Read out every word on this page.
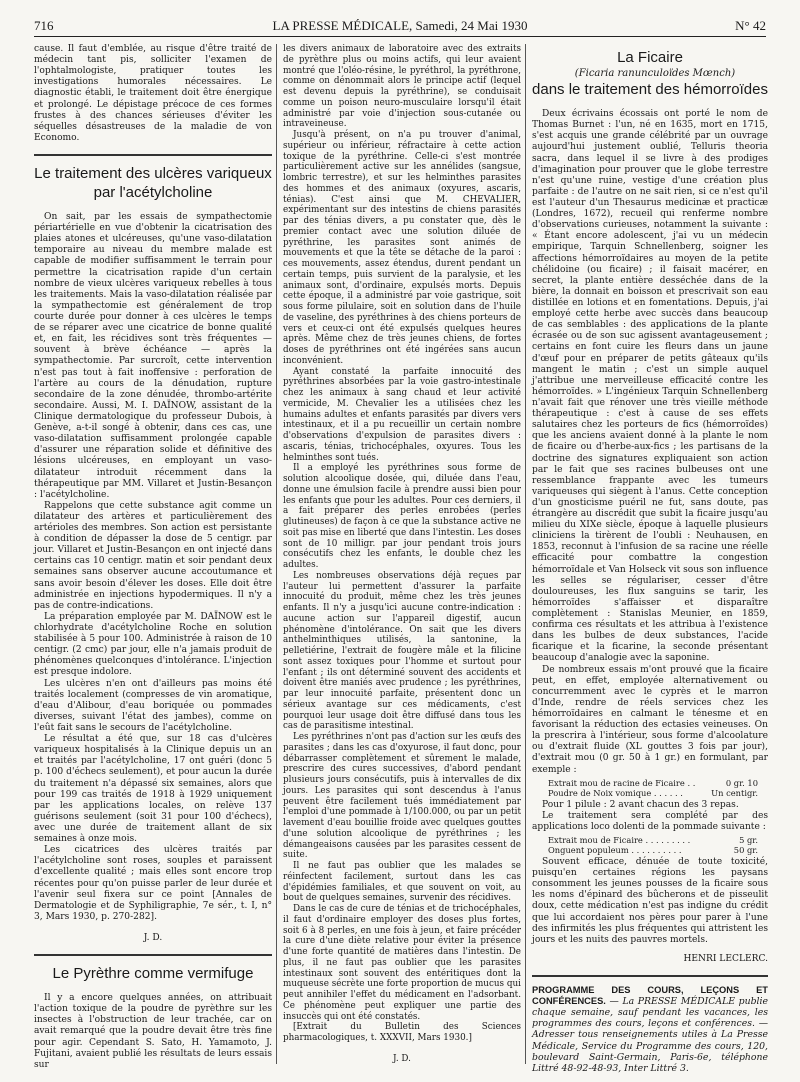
716	LA PRESSE MÉDICALE, Samedi, 24 Mai 1930	N° 42

cause. Il faut d'emblée, au risque d'être traité de médecin tant pis, solliciter l'examen de l'ophtalmologiste, pratiquer toutes les investigations humorales nécessaires. Le diagnostic établi, le traitement doit être énergique et prolongé. Le dépistage précoce de ces formes frustes à des chances sérieuses d'éviter les séquelles désastreuses de la maladie de von Economo.

Le traitement des ulcères variqueux par l'acétylcholine

On sait, par les essais de sympathectomie périartérielle en vue d'obtenir la cicatrisation des plaies atones et ulcéreuses, qu'une vaso-dilatation temporaire au niveau du membre malade est capable de modifier suffisamment le terrain pour permettre la cicatrisation rapide d'un certain nombre de vieux ulcères variqueux rebelles à tous les traitements. Mais la vaso-dilatation réalisée par la sympathectomie est généralement de trop courte durée pour donner à ces ulcères le temps de se réparer avec une cicatrice de bonne qualité et, en fait, les récidives sont très fréquentes — souvent à brève échéance — après la sympathectomie. Par surcroît, cette intervention n'est pas tout à fait inoffensive : perforation de l'artère au cours de la dénudation, rupture secondaire de la zone dénudée, thrombo-artérite secondaire. Aussi, M. I. DAÏNOW, assistant de la Clinique dermatologique du professeur Dubois, à Genève, a-t-il songé à obtenir, dans ces cas, une vaso-dilatation suffisamment prolongée capable d'assurer une réparation solide et définitive des lésions ulcéreuses, en employant un vaso-dilatateur introduit récemment dans la thérapeutique par MM. Villaret et Justin-Besançon : l'acétylcholine.

Rappelons que cette substance agit comme un dilatateur des artères et particulièrement des artérioles des membres. Son action est persistante à condition de dépasser la dose de 5 centigr. par jour. Villaret et Justin-Besançon en ont injecté dans certains cas 10 centigr. matin et soir pendant deux semaines sans observer aucune accoutumance et sans avoir besoin d'élever les doses. Elle doit être administrée en injections hypodermiques. Il n'y a pas de contre-indications.

La préparation employée par M. DAÏNOW est le chlorhydrate d'acétylcholine Roche en solution stabilisée à 5 pour 100. Administrée à raison de 10 centigr. (2 cmc) par jour, elle n'a jamais produit de phénomènes quelconques d'intolérance. L'injection est presque indolore.

Les ulcères n'en ont d'ailleurs pas moins été traités localement (compresses de vin aromatique, d'eau d'Alibour, d'eau boriquée ou pommades diverses, suivant l'état des jambes), comme on l'eût fait sans le secours de l'acétylcholine.

Le résultat a été que, sur 18 cas d'ulcères variqueux hospitalisés à la Clinique depuis un an et traités par l'acétylcholine, 17 ont guéri (donc 5 p. 100 d'échecs seulement), et pour aucun la durée du traitement n'a dépassé six semaines, alors que pour 199 cas traités de 1918 à 1929 uniquement par les applications locales, on relève 137 guérisons seulement (soit 31 pour 100 d'échecs), avec une durée de traitement allant de six semaines à onze mois.

Les cicatrices des ulcères traités par l'acétylcholine sont roses, souples et paraissent d'excellente qualité ; mais elles sont encore trop récentes pour qu'on puisse parler de leur durée et l'avenir seul fixera sur ce point [Annales de Dermatologie et de Syphiligraphie, 7e sér., t. I, n° 3, Mars 1930, p. 270-282].

J. D.

Le Pyrèthre comme vermifuge

Il y a encore quelques années, on attribuait l'action toxique de la poudre de pyrèthre sur les insectes à l'obstruction de leur trachée, car on avait remarqué que la poudre devait être très fine pour agir. Cependant S. Sato, H. Yamamoto, J. Fujitani, avaient publié les résultats de leurs essais sur

les divers animaux de laboratoire avec des extraits de pyrèthre plus ou moins actifs, qui leur avaient montré que l'oléo-résine, le pyréthrol, la pyréthrone, comme on dénommait alors le principe actif (lequel est devenu depuis la pyréthrine), se conduisait comme un poison neuro-musculaire lorsqu'il était administré par voie d'injection sous-cutanée ou intraveineuse.

Jusqu'à présent, on n'a pu trouver d'animal, supérieur ou inférieur, réfractaire à cette action toxique de la pyréthrine. Celle-ci s'est montrée particulièrement active sur les annélides (sangsue, lombric terrestre), et sur les helminthes parasites des hommes et des animaux (oxyures, ascaris, ténias). C'est ainsi que M. CHEVALIER, expérimentant sur des intestins de chiens parasités par des ténias divers, a pu constater que, dès le premier contact avec une solution diluée de pyréthrine, les parasites sont animés de mouvements et que la tête se détache de la paroi : ces mouvements, assez étendus, durent pendant un certain temps, puis survient de la paralysie, et les animaux sont, d'ordinaire, expulsés morts. Depuis cette époque, il a administré par voie gastrique, soit sous forme pilulaire, soit en solution dans de l'huile de vaseline, des pyréthrines à des chiens porteurs de vers et ceux-ci ont été expulsés quelques heures après. Même chez de très jeunes chiens, de fortes doses de pyréthrines ont été ingérées sans aucun inconvénient.

Ayant constaté la parfaite innocuité des pyréthrines absorbées par la voie gastro-intestinale chez les animaux à sang chaud et leur activité vermicide, M. Chevalier les a utilisées chez les humains adultes et enfants parasités par divers vers intestinaux, et il a pu recueillir un certain nombre d'observations d'expulsion de parasites divers : ascaris, ténias, trichocéphales, oxyures. Tous les helminthes sont tués.

Il a employé les pyréthrines sous forme de solution alcoolique dosée, qui, diluée dans l'eau, donne une émulsion facile à prendre aussi bien pour les enfants que pour les adultes. Pour ces derniers, il a fait préparer des perles enrobées (perles glutineuses) de façon à ce que la substance active ne soit pas mise en liberté que dans l'intestin. Les doses sont de 10 milligr. par jour pendant trois jours consécutifs chez les enfants, le double chez les adultes.

Les nombreuses observations déjà reçues par l'auteur lui permettent d'assurer la parfaite innocuité du produit, même chez les très jeunes enfants. Il n'y a jusqu'ici aucune contre-indication : aucune action sur l'appareil digestif, aucun phénomène d'intolérance. On sait que les divers anthelminthiques utilisés, la santonine, la pelletiérine, l'extrait de fougère mâle et la filicine sont assez toxiques pour l'homme et surtout pour l'enfant ; ils ont déterminé souvent des accidents et doivent être maniés avec prudence ; les pyréthrines, par leur innocuité parfaite, présentent donc un sérieux avantage sur ces médicaments, c'est pourquoi leur usage doit être diffusé dans tous les cas de parasitisme intestinal.

Les pyréthrines n'ont pas d'action sur les œufs des parasites ; dans les cas d'oxyurose, il faut donc, pour débarrasser complètement et sûrement le malade, prescrire des cures successives, d'abord pendant plusieurs jours consécutifs, puis à intervalles de dix jours. Les parasites qui sont descendus à l'anus peuvent être facilement tués immédiatement par l'emploi d'une pommade à 1/100.000, ou par un petit lavement d'eau bouillie froide avec quelques gouttes d'une solution alcoolique de pyréthrines ; les démangeaisons causées par les parasites cessent de suite.

Il ne faut pas oublier que les malades se réinfectent facilement, surtout dans les cas d'épidémies familiales, et que souvent on voit, au bout de quelques semaines, survenir des récidives.

Dans le cas de cure de ténias et de trichocéphales, il faut d'ordinaire employer des doses plus fortes, soit 6 à 8 perles, en une fois à jeun, et faire précéder la cure d'une diète relative pour éviter la présence d'une forte quantité de matières dans l'intestin. De plus, il ne faut pas oublier que les parasites intestinaux sont souvent des entéritiques dont la muqueuse sécrète une forte proportion de mucus qui peut annihiler l'effet du médicament en l'adsorbant. Ce phénomène peut expliquer une partie des insuccès qui ont été constatés.

[Extrait du Bulletin des Sciences pharmacologiques, t. XXXVII, Mars 1930.]

J. D.

La Ficaire

(Ficaria ranunculoïdes Mœnch)

dans le traitement des hémorroïdes

Deux écrivains écossais ont porté le nom de Thomas Burnet : l'un, né en 1635, mort en 1715, s'est acquis une grande célébrité par un ouvrage aujourd'hui justement oublié, Telluris theoria sacra, dans lequel il se livre à des prodiges d'imagination pour prouver que le globe terrestre n'est qu'une ruine, vestige d'une création plus parfaite : de l'autre on ne sait rien, si ce n'est qu'il est l'auteur d'un Thesaurus medicinæ et practicæ (Londres, 1672), recueil qui renferme nombre d'observations curieuses, notamment la suivante : « Étant encore adolescent, j'ai vu un médecin empirique, Tarquin Schnellenberg, soigner les affections hémorroïdaires au moyen de la petite chélidoine (ou ficaire) ; il faisait macérer, en secret, la plante entière desséchée dans de la bière, la donnait en boisson et prescrivait son eau distillée en lotions et en fomentations. Depuis, j'ai employé cette herbe avec succès dans beaucoup de cas semblables : des applications de la plante écrasée ou de son suc agissent avantageusement ; certains en font cuire les fleurs dans un jaune d'œuf pour en préparer de petits gâteaux qu'ils mangent le matin ; c'est un simple auquel j'attribue une merveilleuse efficacité contre les hémorroïdes. » L'ingénieux Tarquin Schnellenberg n'avait fait que rénover une très vieille méthode thérapeutique : c'est à cause de ses effets salutaires chez les porteurs de fics (hémorroïdes) que les anciens avaient donné à la plante le nom de ficaire ou d'herbe-aux-fics ; les partisans de la doctrine des signatures expliquaient son action par le fait que ses racines bulbeuses ont une ressemblance frappante avec les tumeurs variqueuses qui siègent à l'anus. Cette conception d'un gnosticisme puéril ne fut, sans doute, pas étrangère au discrédit que subit la ficaire jusqu'au milieu du XIXe siècle, époque à laquelle plusieurs cliniciens la tirèrent de l'oubli : Neuhausen, en 1853, reconnut à l'infusion de sa racine une réelle efficacité pour combattre la congestion hémorroïdale et Van Holseck vit sous son influence les selles se régulariser, cesser d'être douloureuses, les flux sanguins se tarir, les hémorroïdes s'affaisser et disparaître complètement : Stanislas Meunier, en 1859, confirma ces résultats et les attribua à l'existence dans les bulbes de deux substances, l'acide ficarique et la ficarine, la seconde présentant beaucoup d'analogie avec la saponine.

De nombreux essais m'ont prouvé que la ficaire peut, en effet, employée alternativement ou concurremment avec le cyprès et le marron d'Inde, rendre de réels services chez les hémorroïdaires en calmant le ténesme et en favorisant la réduction des ectasies veineuses. On la prescrira à l'intérieur, sous forme d'alcoolature ou d'extrait fluide (XL gouttes 3 fois par jour), d'extrait mou (0 gr. 50 à 1 gr.) en formulant, par exemple :

Extrait mou de racine de Ficaire . .	0 gr. 10
Poudre de Noix vomique . . . . . .	Un centigr.

Pour 1 pilule : 2 avant chacun des 3 repas.

Le traitement sera complété par des applications loco dolenti de la pommade suivante :

Extrait mou de Ficaire . . . . . . . . .	5 gr.
Onguent populeum . . . . . . . . . .	50 gr.

Souvent efficace, dénuée de toute toxicité, puisqu'en certaines régions les paysans consomment les jeunes pousses de la ficaire sous les noms d'épinard des bûcherons et de pisseulit doux, cette médication n'est pas indigne du crédit que lui accordaient nos pères pour parer à l'une des infirmités les plus fréquentes qui attristent les jours et les nuits des pauvres mortels.

HENRI LECLERC.

PROGRAMME DES COURS, LEÇONS ET CONFÉRENCES. — La PRESSE MÉDICALE publie chaque semaine, sauf pendant les vacances, les programmes des cours, leçons et conférences. — Adresser tous renseignements utiles à La Presse Médicale, Service du Programme des cours, 120, boulevard Saint-Germain, Paris-6e, téléphone Littré 48-92-48-93, Inter Littré 3.
